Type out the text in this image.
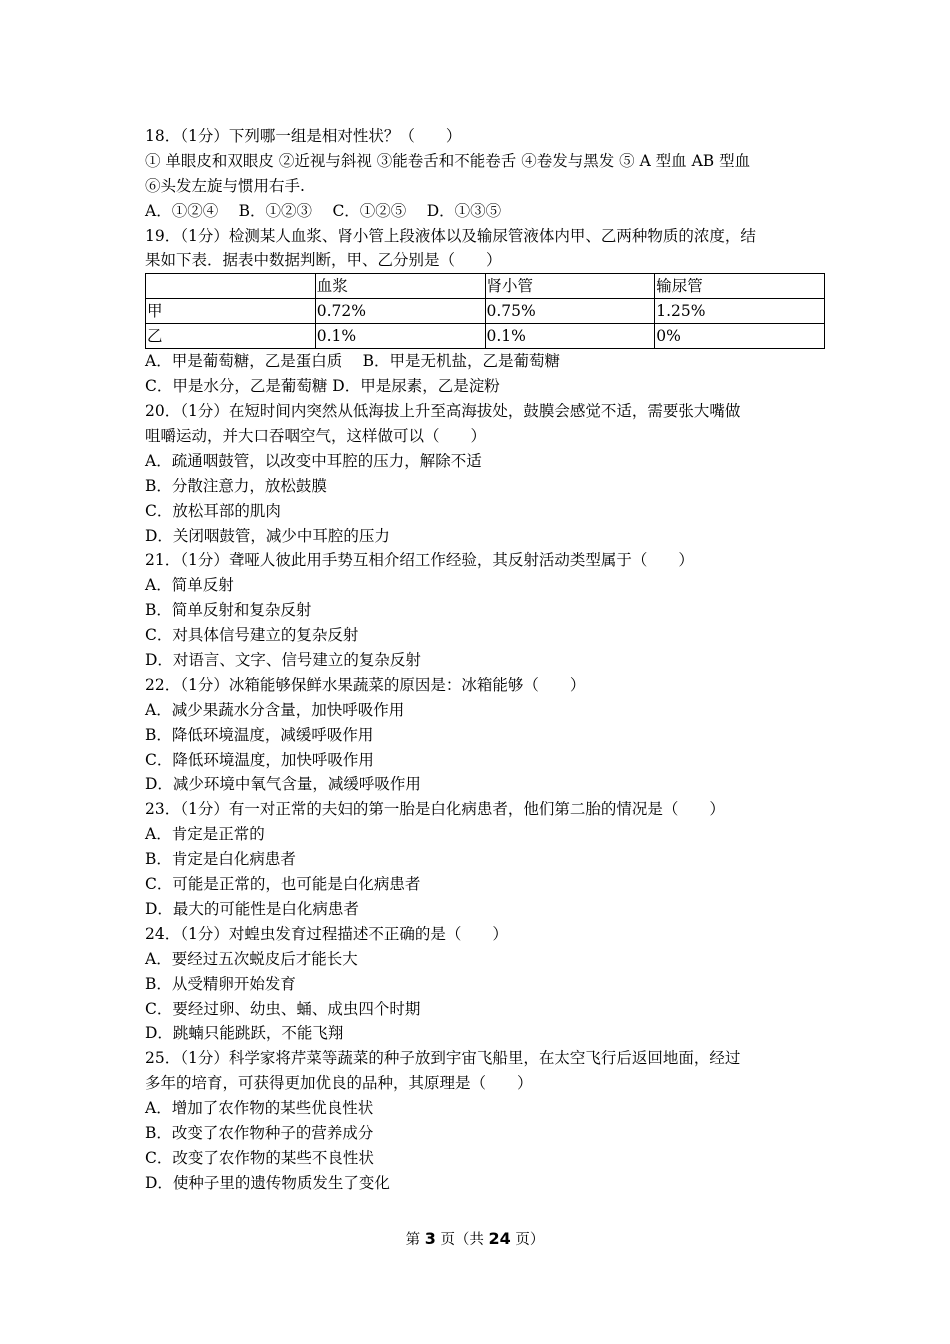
18．（1分）下列哪一组是相对性状？（　　）
① 单眼皮和双眼皮 ②近视与斜视 ③能卷舌和不能卷舌 ④卷发与黑发 ⑤ A 型血 AB 型血
⑥头发左旋与惯用右手.
A．①②④　 B．①②③　 C．①②⑤　 D．①③⑤
19．（1分）检测某人血浆、肾小管上段液体以及输尿管液体内甲、乙两种物质的浓度，结
果如下表．据表中数据判断，甲、乙分别是（　　）
	血浆	肾小管	输尿管
甲	0.72%	0.75%	1.25%
乙	0.1%	0.1%	0%
A．甲是葡萄糖，乙是蛋白质　 B．甲是无机盐，乙是葡萄糖
C．甲是水分，乙是葡萄糖 D．甲是尿素，乙是淀粉
20．（1分）在短时间内突然从低海拔上升至高海拔处，鼓膜会感觉不适，需要张大嘴做
咀嚼运动，并大口吞咽空气，这样做可以（　　）
A．疏通咽鼓管，以改变中耳腔的压力，解除不适
B．分散注意力，放松鼓膜
C．放松耳部的肌肉
D．关闭咽鼓管，减少中耳腔的压力
21．（1分）聋哑人彼此用手势互相介绍工作经验，其反射活动类型属于（　　）
A．简单反射
B．简单反射和复杂反射
C．对具体信号建立的复杂反射
D．对语言、文字、信号建立的复杂反射
22．（1分）冰箱能够保鲜水果蔬菜的原因是：冰箱能够（　　）
A．减少果蔬水分含量，加快呼吸作用
B．降低环境温度，减缓呼吸作用
C．降低环境温度，加快呼吸作用
D．减少环境中氧气含量，减缓呼吸作用
23．（1分）有一对正常的夫妇的第一胎是白化病患者，他们第二胎的情况是（　　）
A．肯定是正常的
B．肯定是白化病患者
C．可能是正常的，也可能是白化病患者
D．最大的可能性是白化病患者
24．（1分）对蝗虫发育过程描述不正确的是（　　）
A．要经过五次蜕皮后才能长大
B．从受精卵开始发育
C．要经过卵、幼虫、蛹、成虫四个时期
D．跳蝻只能跳跃，不能飞翔
25．（1分）科学家将芹菜等蔬菜的种子放到宇宙飞船里，在太空飞行后返回地面，经过
多年的培育，可获得更加优良的品种，其原理是（　　）
A．增加了农作物的某些优良性状
B．改变了农作物种子的营养成分
C．改变了农作物的某些不良性状
D．使种子里的遗传物质发生了变化
第 3 页（共 24 页）
